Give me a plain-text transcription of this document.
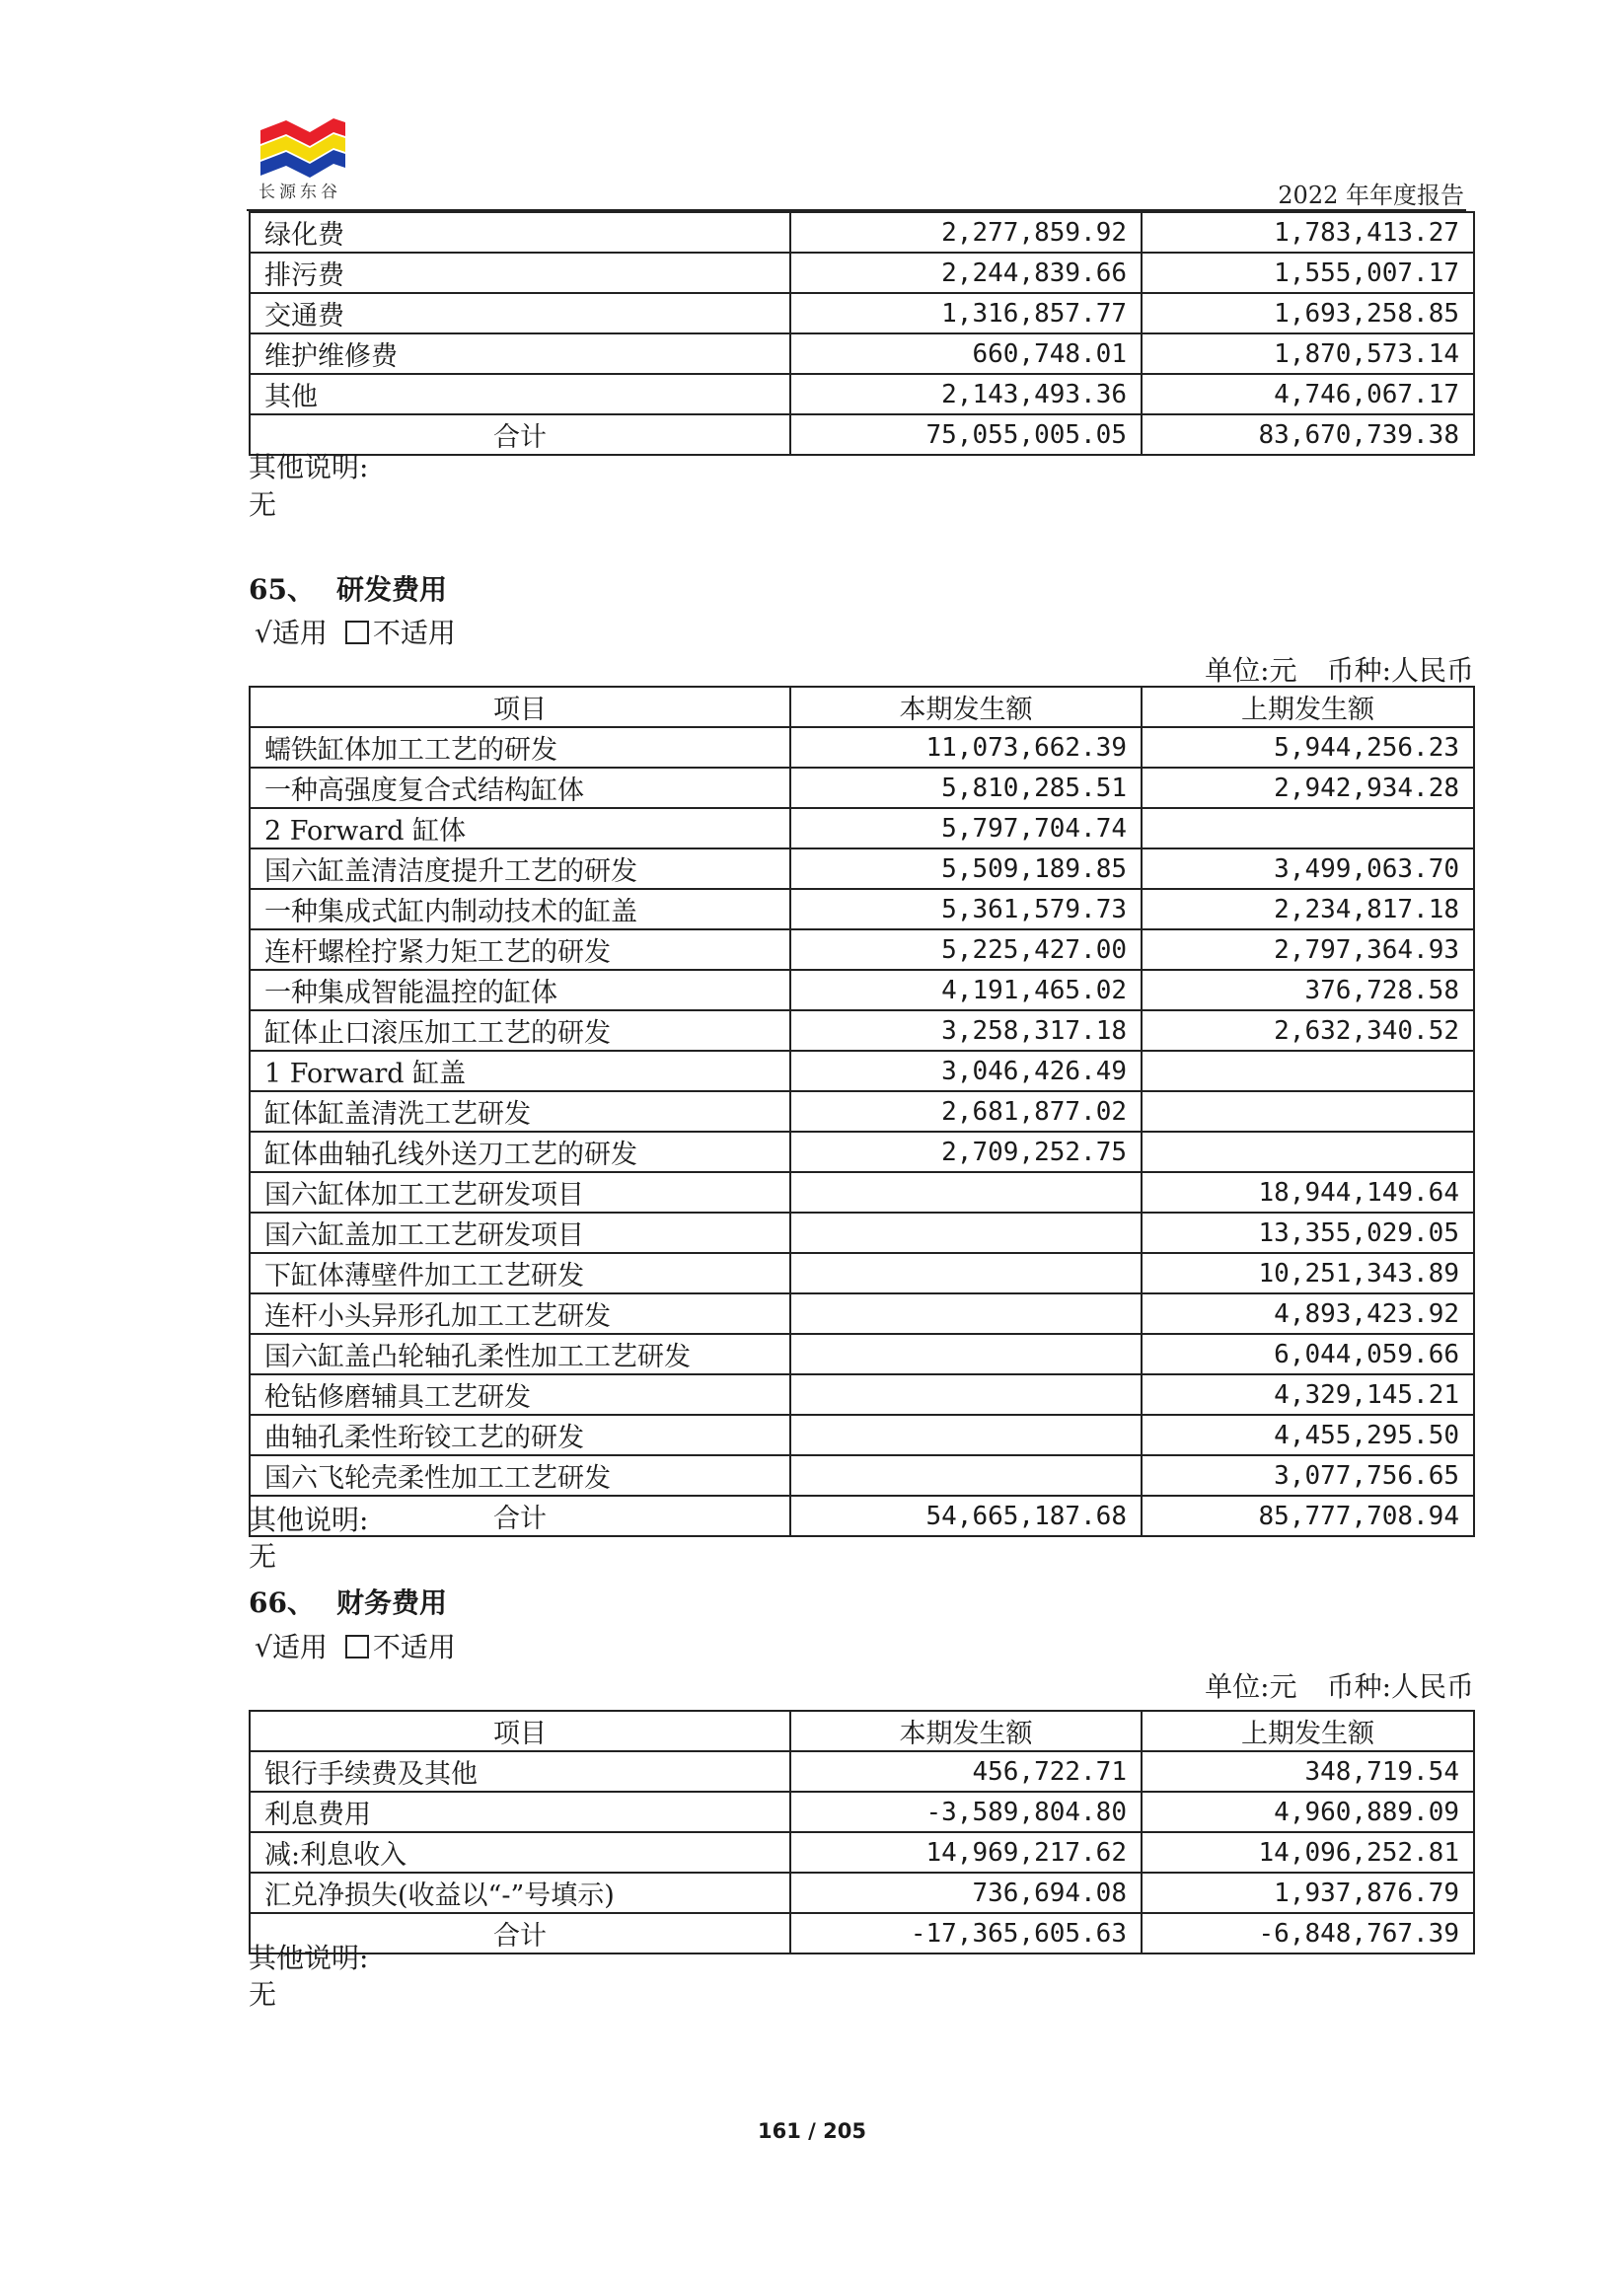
长源东谷	2022 年年度报告
绿化费	2,277,859.92	1,783,413.27
排污费	2,244,839.66	1,555,007.17
交通费	1,316,857.77	1,693,258.85
维护维修费	660,748.01	1,870,573.14
其他	2,143,493.36	4,746,067.17
合计	75,055,005.05	83,670,739.38
其他说明:
无
65、 研发费用
√适用 不适用
单位:元 币种:人民币
项目	本期发生额	上期发生额
蠕铁缸体加工工艺的研发	11,073,662.39	5,944,256.23
一种高强度复合式结构缸体	5,810,285.51	2,942,934.28
2 Forward 缸体	5,797,704.74	
国六缸盖清洁度提升工艺的研发	5,509,189.85	3,499,063.70
一种集成式缸内制动技术的缸盖	5,361,579.73	2,234,817.18
连杆螺栓拧紧力矩工艺的研发	5,225,427.00	2,797,364.93
一种集成智能温控的缸体	4,191,465.02	376,728.58
缸体止口滚压加工工艺的研发	3,258,317.18	2,632,340.52
1 Forward 缸盖	3,046,426.49	
缸体缸盖清洗工艺研发	2,681,877.02	
缸体曲轴孔线外送刀工艺的研发	2,709,252.75	
国六缸体加工工艺研发项目		18,944,149.64
国六缸盖加工工艺研发项目		13,355,029.05
下缸体薄壁件加工工艺研发		10,251,343.89
连杆小头异形孔加工工艺研发		4,893,423.92
国六缸盖凸轮轴孔柔性加工工艺研发		6,044,059.66
枪钻修磨辅具工艺研发		4,329,145.21
曲轴孔柔性珩铰工艺的研发		4,455,295.50
国六飞轮壳柔性加工工艺研发		3,077,756.65
合计	54,665,187.68	85,777,708.94
其他说明:
无
66、 财务费用
√适用 不适用
单位:元 币种:人民币
项目	本期发生额	上期发生额
银行手续费及其他	456,722.71	348,719.54
利息费用	-3,589,804.80	4,960,889.09
减:利息收入	14,969,217.62	14,096,252.81
汇兑净损失(收益以“-”号填示)	736,694.08	1,937,876.79
合计	-17,365,605.63	-6,848,767.39
其他说明:
无
161 / 205
